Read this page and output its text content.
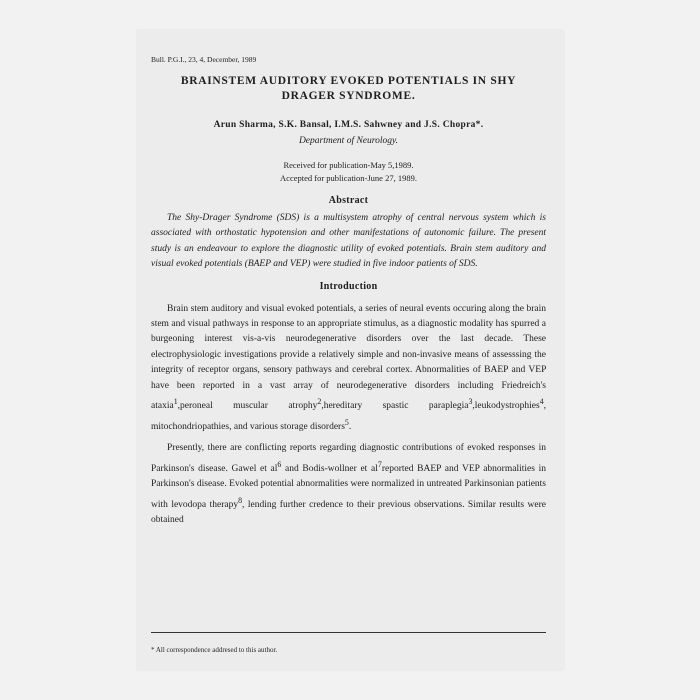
Bull. P.G.I., 23, 4, December, 1989

BRAINSTEM AUDITORY EVOKED POTENTIALS IN SHY
DRAGER SYNDROME.

Arun Sharma, S.K. Bansal, I.M.S. Sahwney and J.S. Chopra*.

Department of Neurology.

Received for publication-May 5,1989.
Accepted for publication-June 27, 1989.

Abstract

The Shy-Drager Syndrome (SDS) is a multisystem atrophy of central nervous system which is associated with orthostatic hypotension and other manifestations of autonomic failure. The present study is an endeavour to explore the diagnostic utility of evoked potentials. Brain stem auditory and visual evoked potentials (BAEP and VEP) were studied in five indoor patients of SDS.

Introduction

Brain stem auditory and visual evoked potentials, a series of neural events occuring along the brain stem and visual pathways in response to an appropriate stimulus, as a diagnostic modality has spurred a burgeoning interest vis-a-vis neurodegenerative disorders over the last decade. These electrophysiologic investigations provide a relatively simple and non-invasive means of assesssing the integrity of receptor organs, sensory pathways and cerebral cortex. Abnormalities of BAEP and VEP have been reported in a vast array of neurodegenerative disorders including Friedreich's ataxia$^1$,peroneal muscular atrophy$^2$,hereditary spastic paraplegia$^3$,leukodystrophies$^4$, mitochondriopathies, and various storage disorders$^5$.

Presently, there are conflicting reports regarding diagnostic contributions of evoked responses in Parkinson's disease. Gawel et $al^6$ and Bodis-wollner et $al^7reported$ BAEP and VEP abnormalities in Parkinson's disease. Evoked potential abnormalities were normalized in untreated Parkinsonian patients with levodopa therapy$^8$, lending further credence to their previous observations. Similar results were obtained

* All correspondence addresed to this author.
